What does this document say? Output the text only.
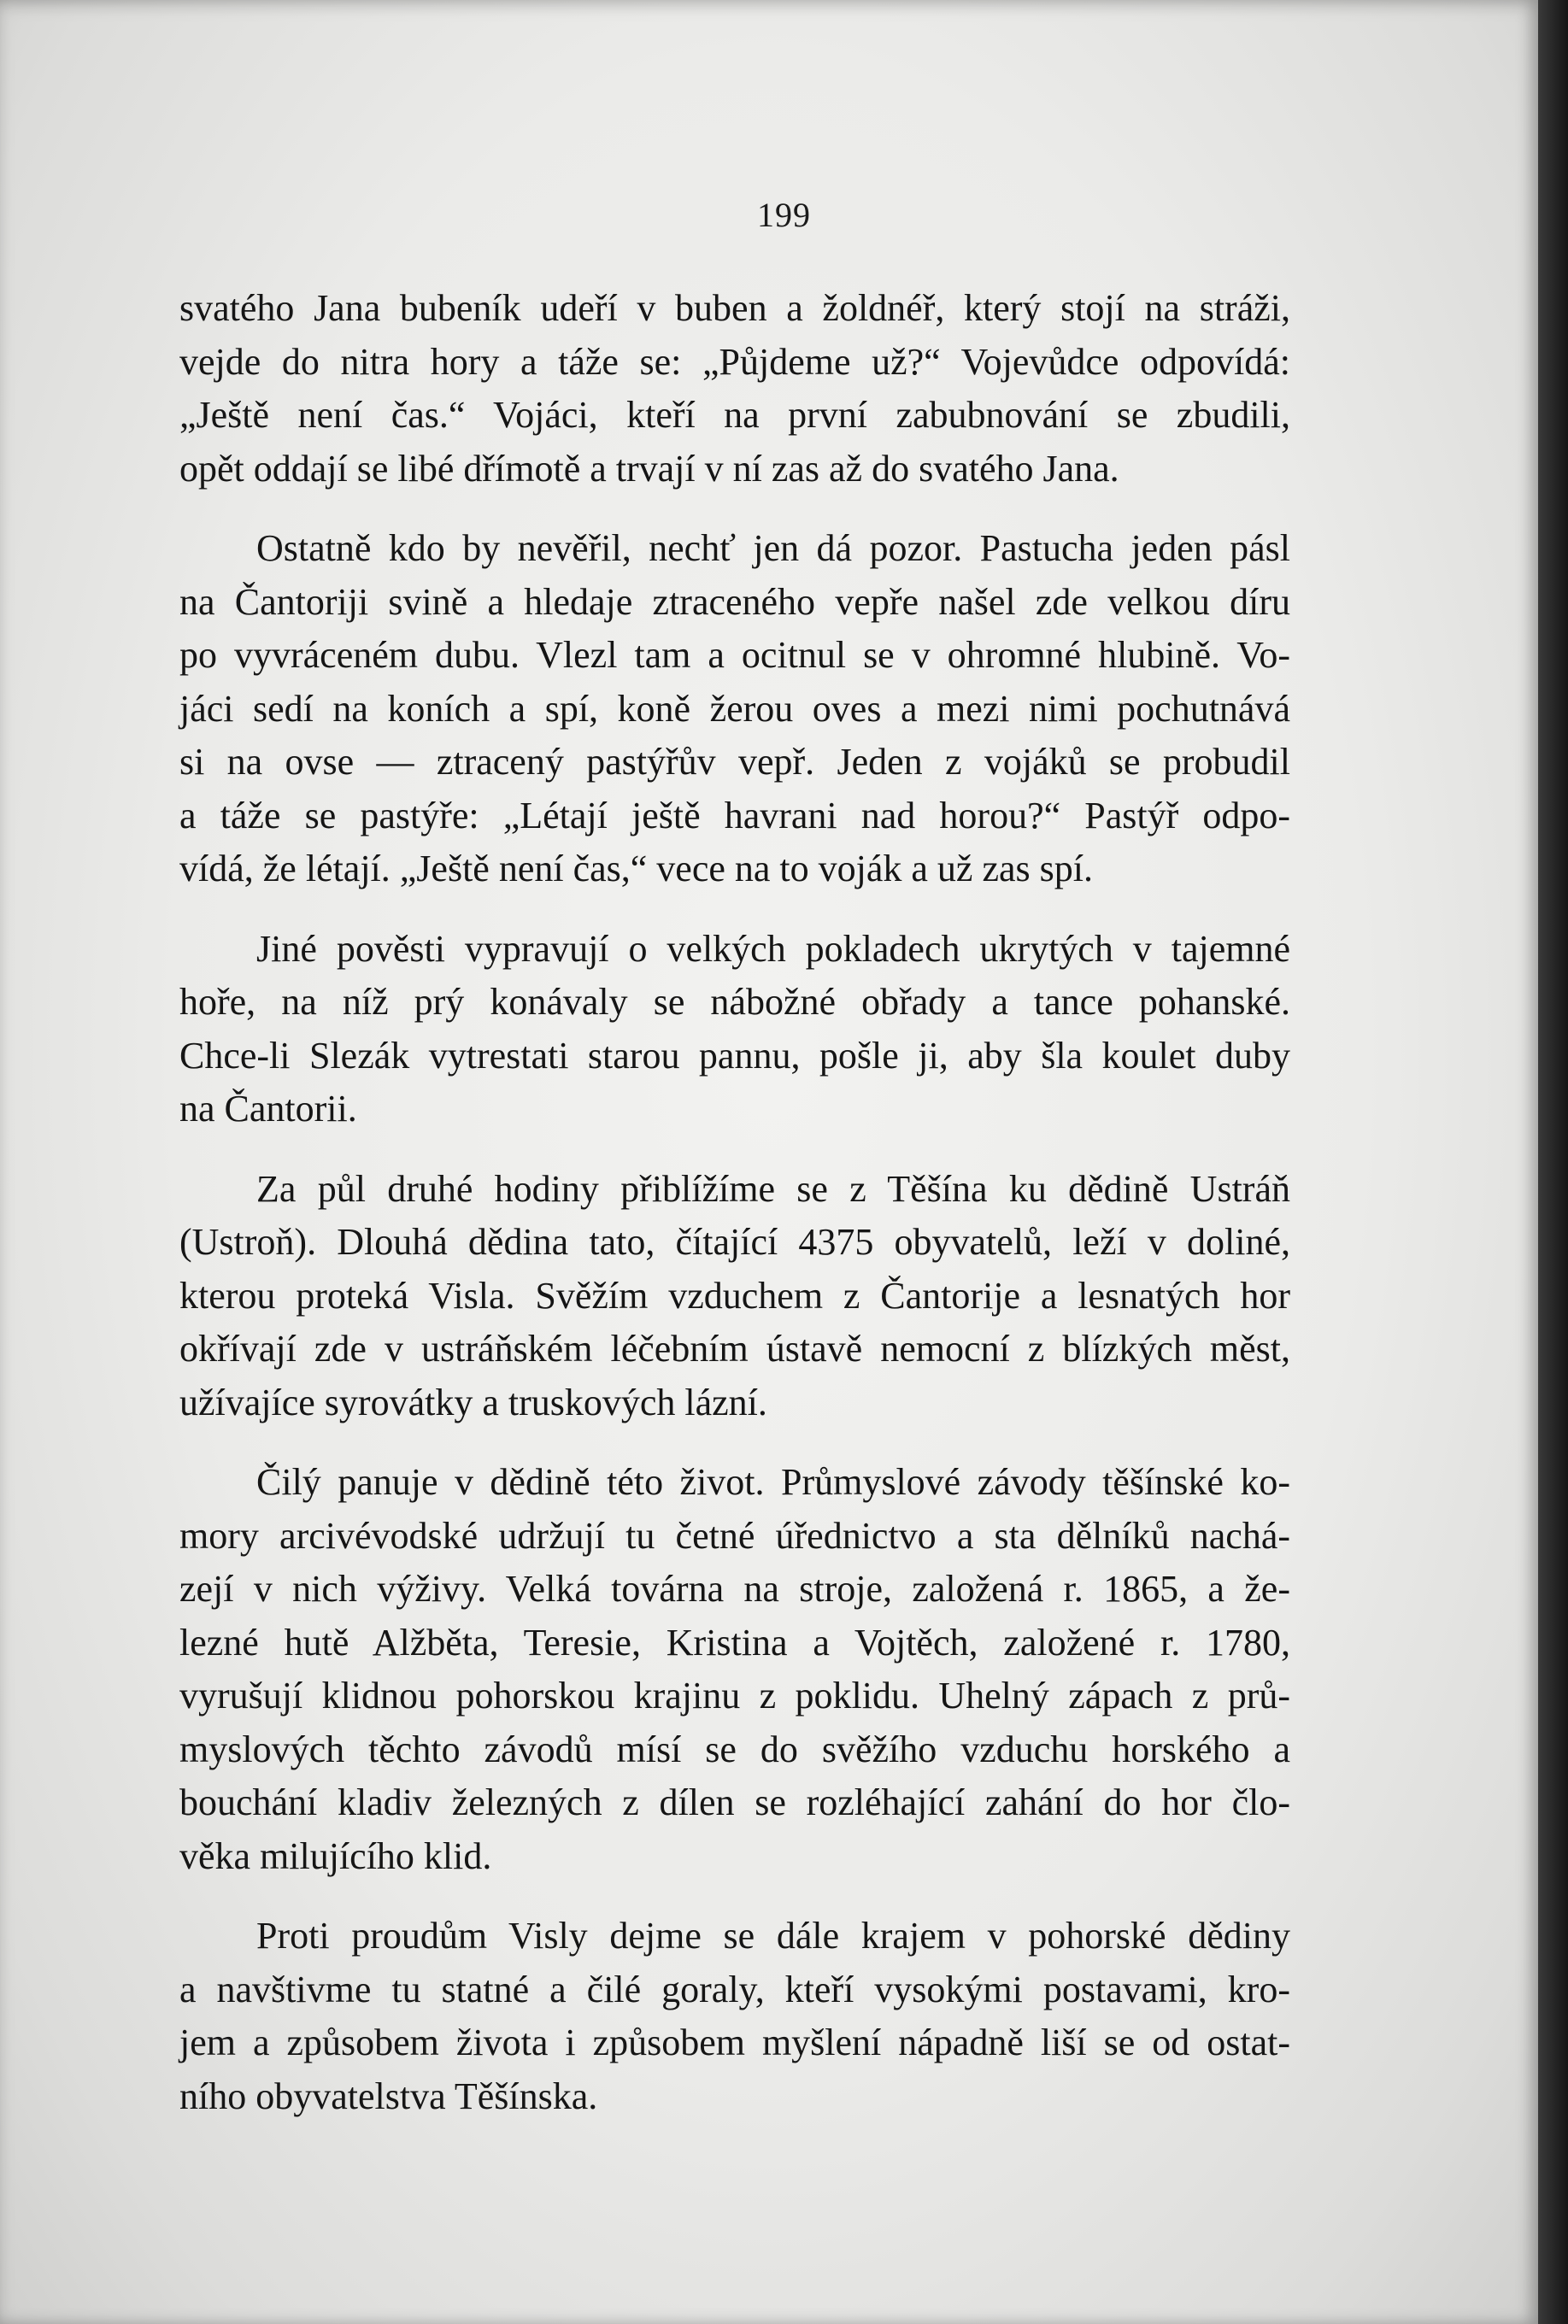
199

svatého Jana bubeník udeří v buben a žoldnéř, který stojí na stráži,
vejde do nitra hory a táže se: „Půjdeme už?“ Vojevůdce odpovídá:
„Ještě není čas.“ Vojáci, kteří na první zabubnování se zbudili,
opět oddají se libé dřímotě a trvají v ní zas až do svatého Jana.

Ostatně kdo by nevěřil, nechť jen dá pozor. Pastucha jeden pásl
na Čantoriji svině a hledaje ztraceného vepře našel zde velkou díru
po vyvráceném dubu. Vlezl tam a ocitnul se v ohromné hlubině. Vo-
jáci sedí na koních a spí, koně žerou oves a mezi nimi pochutnává
si na ovse — ztracený pastýřův vepř. Jeden z vojáků se probudil
a táže se pastýře: „Létají ještě havrani nad horou?“ Pastýř odpo-
vídá, že létají. „Ještě není čas,“ vece na to voják a už zas spí.

Jiné pověsti vypravují o velkých pokladech ukrytých v tajemné
hoře, na níž prý konávaly se nábožné obřady a tance pohanské.
Chce-li Slezák vytrestati starou pannu, pošle ji, aby šla koulet duby
na Čantorii.

Za půl druhé hodiny přiblížíme se z Těšína ku dědině Ustráň
(Ustroň). Dlouhá dědina tato, čítající 4375 obyvatelů, leží v doliné,
kterou proteká Visla. Svěžím vzduchem z Čantorije a lesnatých hor
okřívají zde v ustráňském léčebním ústavě nemocní z blízkých měst,
užívajíce syrovátky a truskových lázní.

Čilý panuje v dědině této život. Průmyslové závody těšínské ko-
mory arcivévodské udržují tu četné úřednictvo a sta dělníků nachá-
zejí v nich výživy. Velká továrna na stroje, založená r. 1865, a že-
lezné hutě Alžběta, Teresie, Kristina a Vojtěch, založené r. 1780,
vyrušují klidnou pohorskou krajinu z poklidu. Uhelný zápach z prů-
myslových těchto závodů mísí se do svěžího vzduchu horského a
bouchání kladiv železných z dílen se rozléhající zahání do hor člo-
věka milujícího klid.

Proti proudům Visly dejme se dále krajem v pohorské dědiny
a navštivme tu statné a čilé goraly, kteří vysokými postavami, kro-
jem a způsobem života i způsobem myšlení nápadně liší se od ostat-
ního obyvatelstva Těšínska.
